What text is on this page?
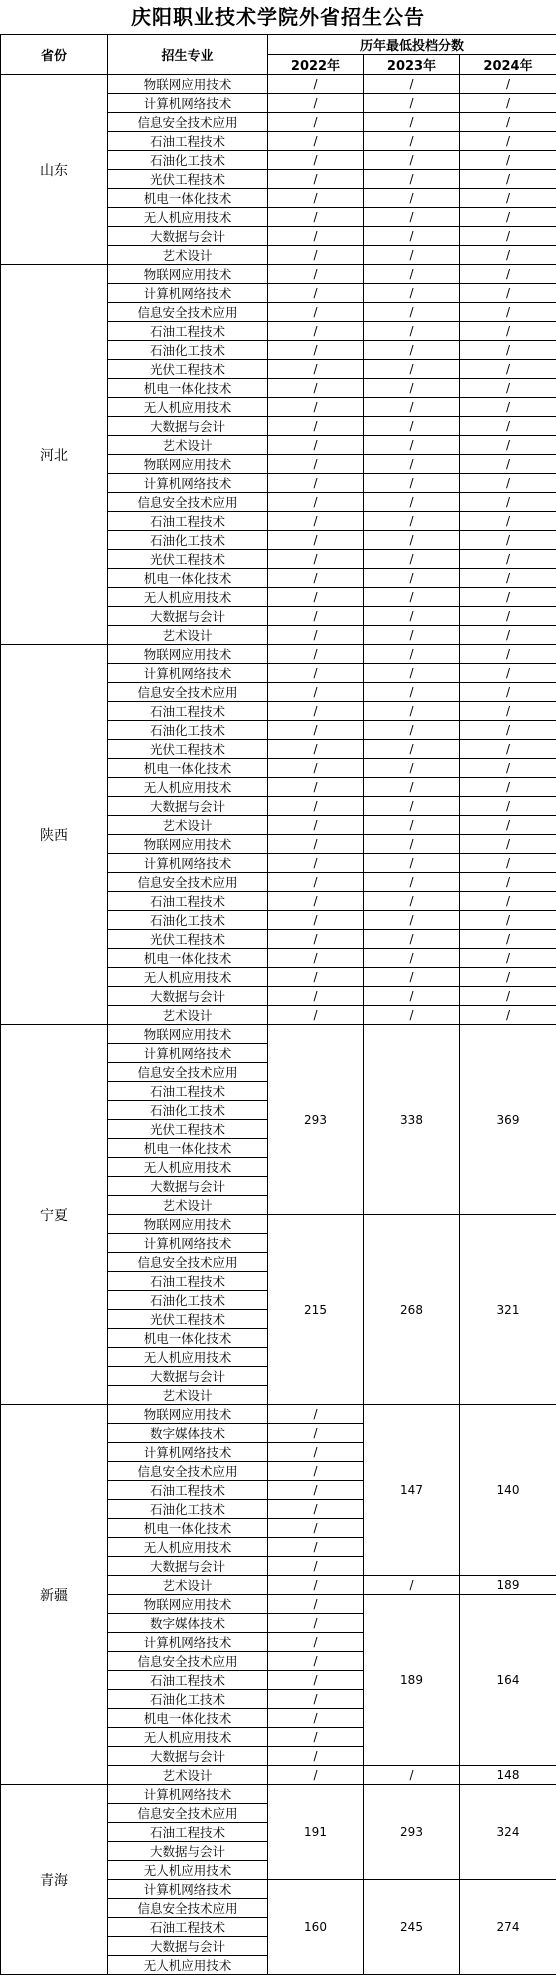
庆阳职业技术学院外省招生公告
省份	招生专业	历年最低投档分数		
		2022年	2023年	2024年
山东	物联网应用技术	/	/	/
	计算机网络技术	/	/	/
	信息安全技术应用	/	/	/
	石油工程技术	/	/	/
	石油化工技术	/	/	/
	光伏工程技术	/	/	/
	机电一体化技术	/	/	/
	无人机应用技术	/	/	/
	大数据与会计	/	/	/
	艺术设计	/	/	/
河北	物联网应用技术	/	/	/
	计算机网络技术	/	/	/
	信息安全技术应用	/	/	/
	石油工程技术	/	/	/
	石油化工技术	/	/	/
	光伏工程技术	/	/	/
	机电一体化技术	/	/	/
	无人机应用技术	/	/	/
	大数据与会计	/	/	/
	艺术设计	/	/	/
	物联网应用技术	/	/	/
	计算机网络技术	/	/	/
	信息安全技术应用	/	/	/
	石油工程技术	/	/	/
	石油化工技术	/	/	/
	光伏工程技术	/	/	/
	机电一体化技术	/	/	/
	无人机应用技术	/	/	/
	大数据与会计	/	/	/
	艺术设计	/	/	/
陕西	物联网应用技术	/	/	/
	计算机网络技术	/	/	/
	信息安全技术应用	/	/	/
	石油工程技术	/	/	/
	石油化工技术	/	/	/
	光伏工程技术	/	/	/
	机电一体化技术	/	/	/
	无人机应用技术	/	/	/
	大数据与会计	/	/	/
	艺术设计	/	/	/
	物联网应用技术	/	/	/
	计算机网络技术	/	/	/
	信息安全技术应用	/	/	/
	石油工程技术	/	/	/
	石油化工技术	/	/	/
	光伏工程技术	/	/	/
	机电一体化技术	/	/	/
	无人机应用技术	/	/	/
	大数据与会计	/	/	/
	艺术设计	/	/	/
宁夏	物联网应用技术	293	338	369
	计算机网络技术			
	信息安全技术应用			
	石油工程技术			
	石油化工技术			
	光伏工程技术			
	机电一体化技术			
	无人机应用技术			
	大数据与会计			
	艺术设计			
	物联网应用技术	215	268	321
	计算机网络技术			
	信息安全技术应用			
	石油工程技术			
	石油化工技术			
	光伏工程技术			
	机电一体化技术			
	无人机应用技术			
	大数据与会计			
	艺术设计			
新疆	物联网应用技术	/	147	140
	数字媒体技术	/		
	计算机网络技术	/		
	信息安全技术应用	/		
	石油工程技术	/		
	石油化工技术	/		
	机电一体化技术	/		
	无人机应用技术	/		
	大数据与会计	/		
	艺术设计	/	/	189
	物联网应用技术	/	189	164
	数字媒体技术	/		
	计算机网络技术	/		
	信息安全技术应用	/		
	石油工程技术	/		
	石油化工技术	/		
	机电一体化技术	/		
	无人机应用技术	/		
	大数据与会计	/		
	艺术设计	/	/	148
青海	计算机网络技术	191	293	324
	信息安全技术应用			
	石油工程技术			
	大数据与会计			
	无人机应用技术			
	计算机网络技术	160	245	274
	信息安全技术应用			
	石油工程技术			
	大数据与会计			
	无人机应用技术			
